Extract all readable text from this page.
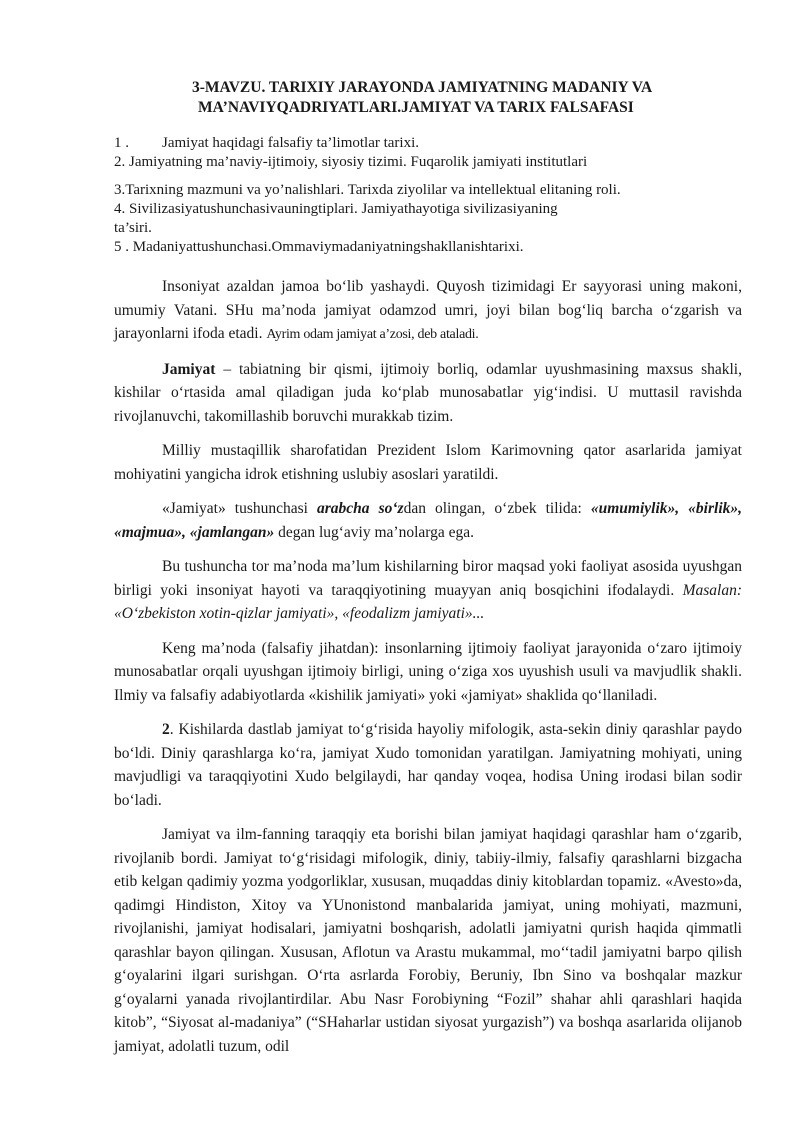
3-MAVZU. TARIXIY JARAYONDA JAMIYATNING MADANIY VA
MA’NAVIYQADRIYATLARI.JAMIYAT VA TARIX FALSAFASI
1 . Jamiyat haqidagi falsafiy ta’limotlar tarixi.
2. Jamiyatning ma’naviy-ijtimoiy, siyosiy tizimi. Fuqarolik jamiyati institutlari
3.Tarixning mazmuni va yo’nalishlari. Tarixda ziyolilar va intellektual elitaning roli.
4. Sivilizasiyatushunchasivauningtiplari. Jamiyathayotiga sivilizasiyaning
ta’siri.
5 . Madaniyattushunchasi.Ommaviymadaniyatningshakllanishtarixi.

Insoniyat azaldan jamoa bo‘lib yashaydi. Quyosh tizimidagi Er sayyorasi uning makoni, umumiy Vatani. SHu ma’noda jamiyat odamzod umri, joyi bilan bog‘liq barcha o‘zgarish va jarayonlarni ifoda etadi. Ayrim odam jamiyat a’zosi, deb ataladi.

Jamiyat – tabiatning bir qismi, ijtimoiy borliq, odamlar uyushmasining maxsus shakli, kishilar o‘rtasida amal qiladigan juda ko‘plab munosabatlar yig‘indisi. U muttasil ravishda rivojlanuvchi, takomillashib boruvchi murakkab tizim.

Milliy mustaqillik sharofatidan Prezident Islom Karimovning qator asarlarida jamiyat mohiyatini yangicha idrok etishning uslubiy asoslari yaratildi.

«Jamiyat» tushunchasi arabcha so‘zdan olingan, o‘zbek tilida: «umumiylik», «birlik», «majmua», «jamlangan» degan lug‘aviy ma’nolarga ega.

Bu tushuncha tor ma’noda ma’lum kishilarning biror maqsad yoki faoliyat asosida uyushgan birligi yoki insoniyat hayoti va taraqqiyotining muayyan aniq bosqichini ifodalaydi. Masalan: «O‘zbekiston xotin-qizlar jamiyati», «feodalizm jamiyati»...

Keng ma’noda (falsafiy jihatdan): insonlarning ijtimoiy faoliyat jarayonida o‘zaro ijtimoiy munosabatlar orqali uyushgan ijtimoiy birligi, uning o‘ziga xos uyushish usuli va mavjudlik shakli. Ilmiy va falsafiy adabiyotlarda «kishilik jamiyati» yoki «jamiyat» shaklida qo‘llaniladi.

2. Kishilarda dastlab jamiyat to‘g‘risida hayoliy mifologik, asta-sekin diniy qarashlar paydo bo‘ldi. Diniy qarashlarga ko‘ra, jamiyat Xudo tomonidan yaratilgan. Jamiyatning mohiyati, uning mavjudligi va taraqqiyotini Xudo belgilaydi, har qanday voqea, hodisa Uning irodasi bilan sodir bo‘ladi.

Jamiyat va ilm-fanning taraqqiy eta borishi bilan jamiyat haqidagi qarashlar ham o‘zgarib, rivojlanib bordi. Jamiyat to‘g‘risidagi mifologik, diniy, tabiiy-ilmiy, falsafiy qarashlarni bizgacha etib kelgan qadimiy yozma yodgorliklar, xususan, muqaddas diniy kitoblardan topamiz. «Avesto»da, qadimgi Hindiston, Xitoy va YUnonistond manbalarida jamiyat, uning mohiyati, mazmuni, rivojlanishi, jamiyat hodisalari, jamiyatni boshqarish, adolatli jamiyatni qurish haqida qimmatli qarashlar bayon qilingan. Xususan, Aflotun va Arastu mukammal, mo‘‘tadil jamiyatni barpo qilish g‘oyalarini ilgari surishgan. O‘rta asrlarda Forobiy, Beruniy, Ibn Sino va boshqalar mazkur g‘oyalarni yanada rivojlantirdilar. Abu Nasr Forobiyning “Fozil” shahar ahli qarashlari haqida kitob”, “Siyosat al-madaniya” (“SHaharlar ustidan siyosat yurgazish”) va boshqa asarlarida olijanob jamiyat, adolatli tuzum, odil
